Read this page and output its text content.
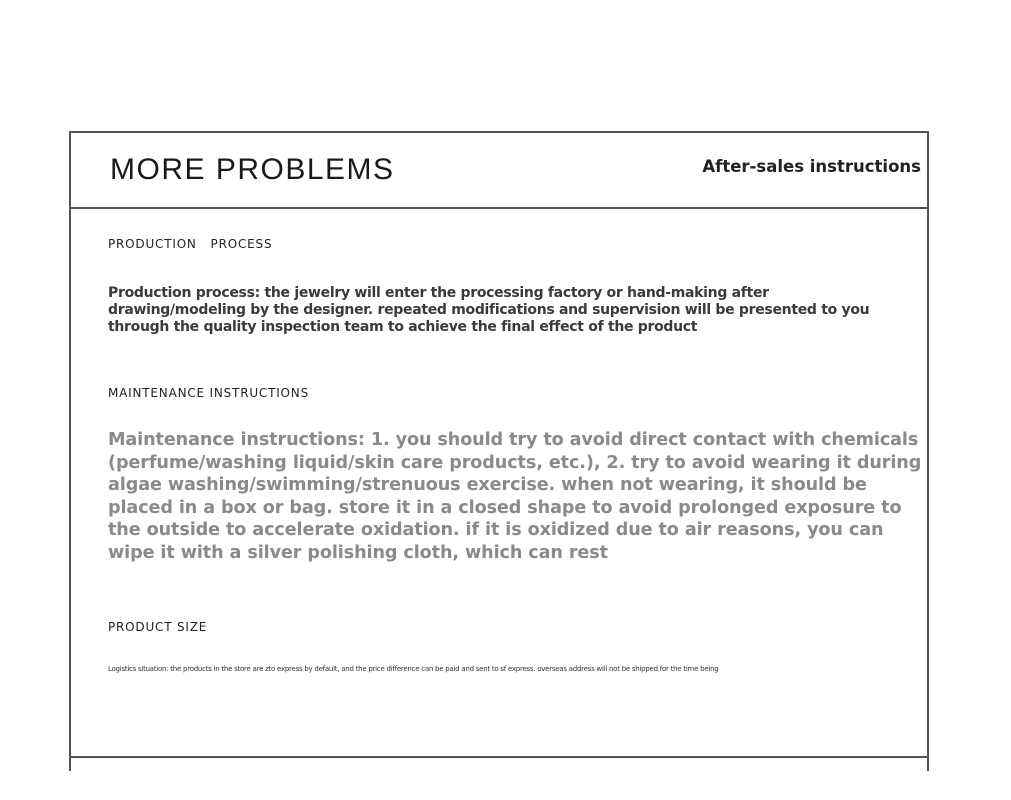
MORE PROBLEMS	After-sales instructions
PRODUCTION   PROCESS
Production process: the jewelry will enter the processing factory or hand-making after drawing/modeling by the designer. repeated modifications and supervision will be presented to you through the quality inspection team to achieve the final effect of the product
MAINTENANCE INSTRUCTIONS
Maintenance instructions: 1. you should try to avoid direct contact with chemicals (perfume/washing liquid/skin care products, etc.), 2. try to avoid wearing it during algae washing/swimming/strenuous exercise. when not wearing, it should be placed in a box or bag. store it in a closed shape to avoid prolonged exposure to the outside to accelerate oxidation. if it is oxidized due to air reasons, you can wipe it with a silver polishing cloth, which can rest
PRODUCT SIZE
Logistics situation: the products in the store are zto express by default, and the price difference can be paid and sent to sf express. overseas address will not be shipped for the time being
